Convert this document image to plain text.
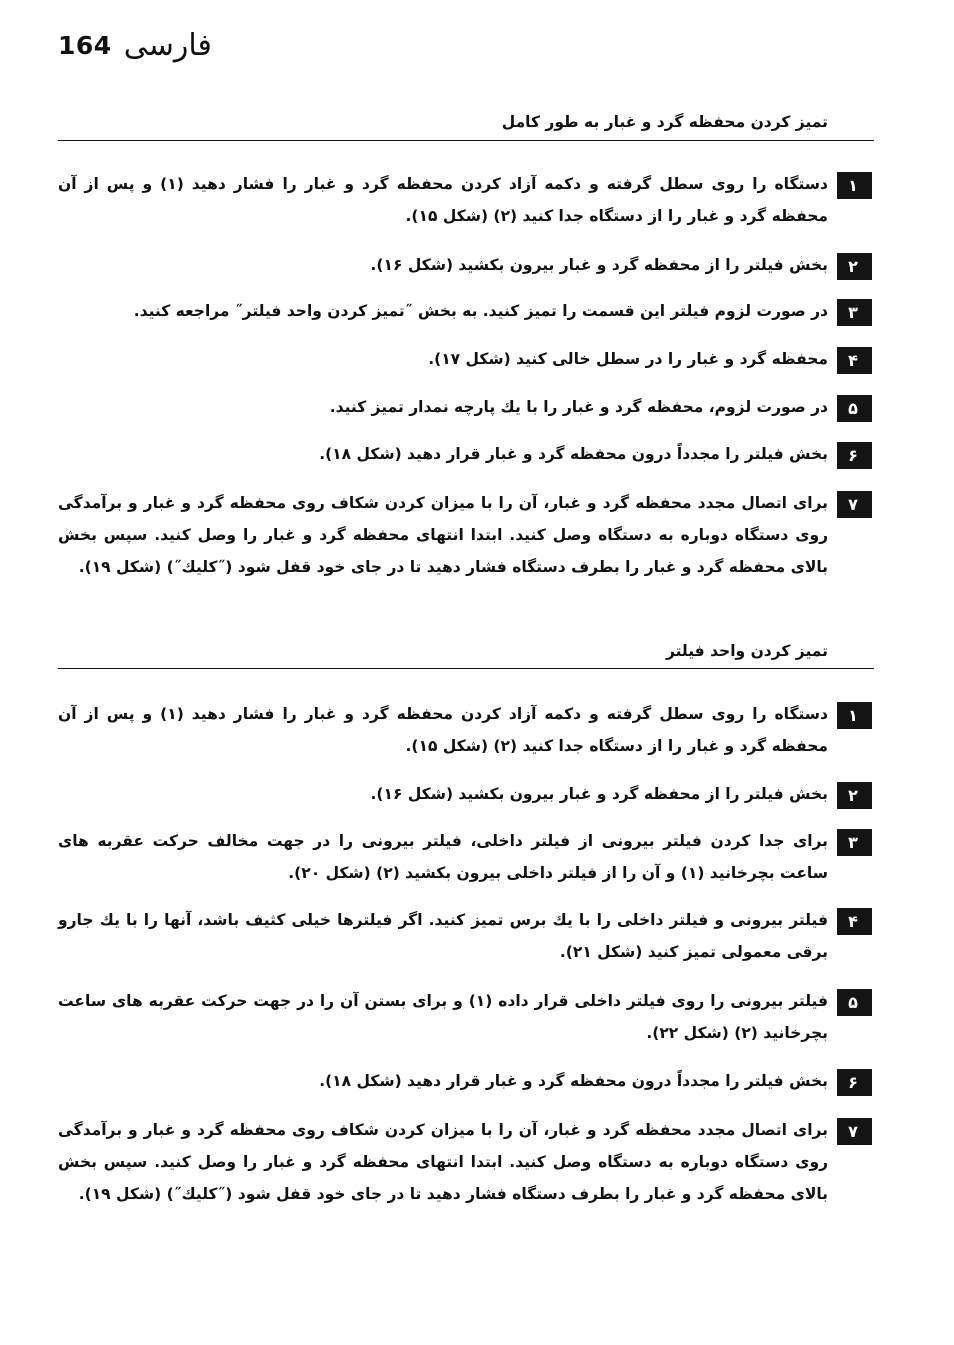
164 فارسی
تمیز کردن محفظه گرد و غبار به طور کامل
۱
دستگاه را روی سطل گرفته و دکمه آزاد کردن محفظه گرد و غبار را فشار دهید (۱) و پس از آن محفظه گرد و غبار را از دستگاه جدا کنید (۲) (شکل ۱۵).
۲
بخش فیلتر را از محفظه گرد و غبار بیرون بکشید (شکل ۱۶).
۳
در صورت لزوم فیلتر این قسمت را تمیز کنید. به بخش ˝تمیز کردن واحد فیلتر˝ مراجعه کنید.
۴
محفظه گرد و غبار را در سطل خالی کنید (شکل ۱۷).
۵
در صورت لزوم، محفظه گرد و غبار را با یك پارچه نمدار تمیز کنید.
۶
بخش فیلتر را مجدداً درون محفظه گرد و غبار قرار دهید (شکل ۱۸).
۷
برای اتصال مجدد محفظه گرد و غبار، آن را با میزان کردن شکاف روی محفظه گرد و غبار و برآمدگی روی دستگاه دوباره به دستگاه وصل کنید. ابتدا انتهای محفظه گرد و غبار را وصل کنید. سپس بخش بالای محفظه گرد و غبار را بطرف دستگاه فشار دهید تا در جای خود قفل شود (˝کلیك˝) (شکل ۱۹).
تمیز کردن واحد فیلتر
۱
دستگاه را روی سطل گرفته و دکمه آزاد کردن محفظه گرد و غبار را فشار دهید (۱) و پس از آن محفظه گرد و غبار را از دستگاه جدا کنید (۲) (شکل ۱۵).
۲
بخش فیلتر را از محفظه گرد و غبار بیرون بکشید (شکل ۱۶).
۳
برای جدا کردن فیلتر بیرونی از فیلتر داخلی، فیلتر بیرونی را در جهت مخالف حرکت عقربه های ساعت بچرخانید (۱) و آن را از فیلتر داخلی بیرون بکشید (۲) (شکل ۲۰).
۴
فیلتر بیرونی و فیلتر داخلی را با یك برس تمیز کنید. اگر فیلترها خیلی کثیف باشد، آنها را با یك جارو برقی معمولی تمیز کنید (شکل ۲۱).
۵
فیلتر بیرونی را روی فیلتر داخلی قرار داده (۱) و برای بستن آن را در جهت حرکت عقربه های ساعت بچرخانید (۲) (شکل ۲۲).
۶
بخش فیلتر را مجدداً درون محفظه گرد و غبار قرار دهید (شکل ۱۸).
۷
برای اتصال مجدد محفظه گرد و غبار، آن را با میزان کردن شکاف روی محفظه گرد و غبار و برآمدگی روی دستگاه دوباره به دستگاه وصل کنید. ابتدا انتهای محفظه گرد و غبار را وصل کنید. سپس بخش بالای محفظه گرد و غبار را بطرف دستگاه فشار دهید تا در جای خود قفل شود (˝کلیك˝) (شکل ۱۹).
